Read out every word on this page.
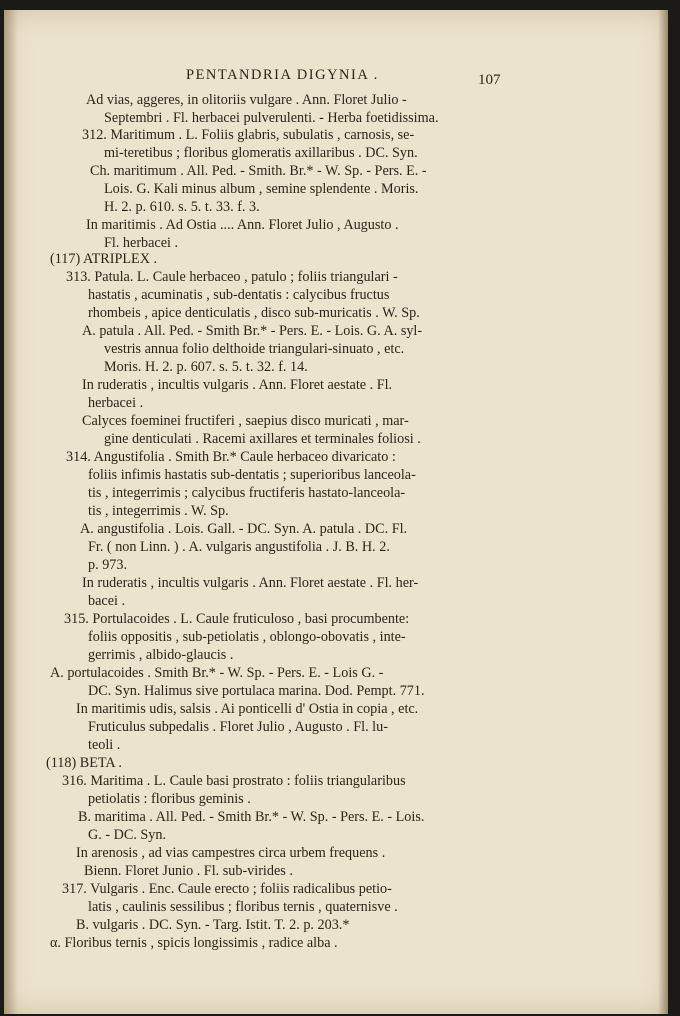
PENTANDRIA DIGYNIA .	107
Ad vias, aggeres, in olitoriis vulgare . Ann. Floret Julio -
Septembri . Fl. herbacei pulverulenti. - Herba foetidissima.
312. Maritimum . L. Foliis glabris, subulatis , carnosis, se-
mi-teretibus ; floribus glomeratis axillaribus . DC. Syn.
Ch. maritimum . All. Ped. - Smith. Br.* - W. Sp. - Pers. E. -
Lois. G. Kali minus album , semine splendente . Moris.
H. 2. p. 610. s. 5. t. 33. f. 3.
In maritimis . Ad Ostia .... Ann. Floret Julio , Augusto .
Fl. herbacei .
(117) ATRIPLEX .
313. Patula. L. Caule herbaceo , patulo ; foliis triangulari -
hastatis , acuminatis , sub-dentatis : calycibus fructus
rhombeis , apice denticulatis , disco sub-muricatis . W. Sp.
A. patula . All. Ped. - Smith Br.* - Pers. E. - Lois. G. A. syl-
vestris annua folio delthoide triangulari-sinuato , etc.
Moris. H. 2. p. 607. s. 5. t. 32. f. 14.
In ruderatis , incultis vulgaris . Ann. Floret aestate . Fl.
herbacei .
Calyces foeminei fructiferi , saepius disco muricati , mar-
gine denticulati . Racemi axillares et terminales foliosi .
314. Angustifolia . Smith Br.* Caule herbaceo divaricato :
foliis infimis hastatis sub-dentatis ; superioribus lanceola-
tis , integerrimis ; calycibus fructiferis hastato-lanceola-
tis , integerrimis . W. Sp.
A. angustifolia . Lois. Gall. - DC. Syn. A. patula . DC. Fl.
Fr. ( non Linn. ) . A. vulgaris angustifolia . J. B. H. 2.
p. 973.
In ruderatis , incultis vulgaris . Ann. Floret aestate . Fl. her-
bacei .
315. Portulacoides . L. Caule fruticuloso , basi procumbente:
foliis oppositis , sub-petiolatis , oblongo-obovatis , inte-
gerrimis , albido-glaucis .
A. portulacoides . Smith Br.* - W. Sp. - Pers. E. - Lois G. -
DC. Syn. Halimus sive portulaca marina. Dod. Pempt. 771.
In maritimis udis, salsis . Ai ponticelli d' Ostia in copia , etc.
Fruticulus subpedalis . Floret Julio , Augusto . Fl. lu-
teoli .
(118) BETA .
316. Maritima . L. Caule basi prostrato : foliis triangularibus
petiolatis : floribus geminis .
B. maritima . All. Ped. - Smith Br.* - W. Sp. - Pers. E. - Lois.
G. - DC. Syn.
In arenosis , ad vias campestres circa urbem frequens .
Bienn. Floret Junio . Fl. sub-virides .
317. Vulgaris . Enc. Caule erecto ; foliis radicalibus petio-
latis , caulinis sessilibus ; floribus ternis , quaternisve .
B. vulgaris . DC. Syn. - Targ. Istit. T. 2. p. 203.*
α. Floribus ternis , spicis longissimis , radice alba .
